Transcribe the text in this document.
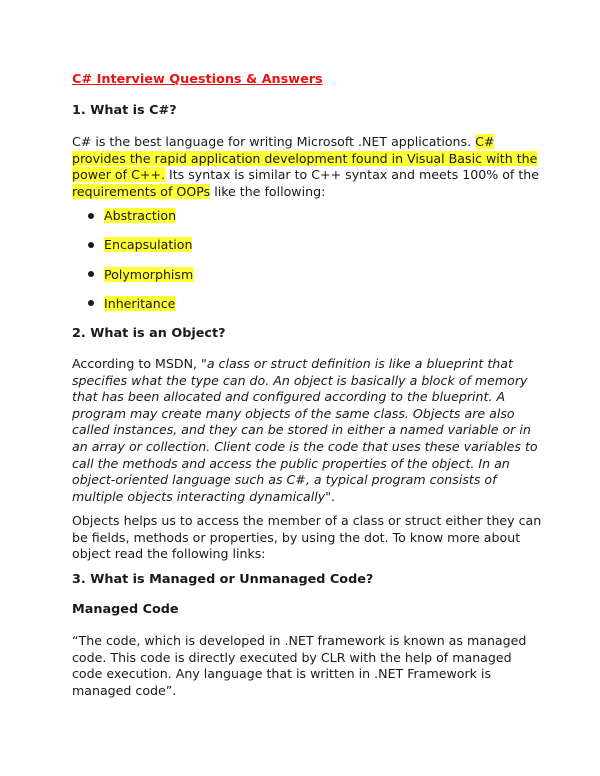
C# Interview Questions & Answers
1. What is C#?

C# is the best language for writing Microsoft .NET applications. C# provides the rapid application development found in Visual Basic with the power of C++. Its syntax is similar to C++ syntax and meets 100% of the requirements of OOPs like the following:

Abstraction
Encapsulation
Polymorphism
Inheritance
2. What is an Object?

According to MSDN, "a class or struct definition is like a blueprint that specifies what the type can do. An object is basically a block of memory that has been allocated and configured according to the blueprint. A program may create many objects of the same class. Objects are also called instances, and they can be stored in either a named variable or in an array or collection. Client code is the code that uses these variables to call the methods and access the public properties of the object. In an object-oriented language such as C#, a typical program consists of multiple objects interacting dynamically".

Objects helps us to access the member of a class or struct either they can be fields, methods or properties, by using the dot. To know more about object read the following links:

3. What is Managed or Unmanaged Code?
Managed Code

“The code, which is developed in .NET framework is known as managed code. This code is directly executed by CLR with the help of managed code execution. Any language that is written in .NET Framework is managed code”.
